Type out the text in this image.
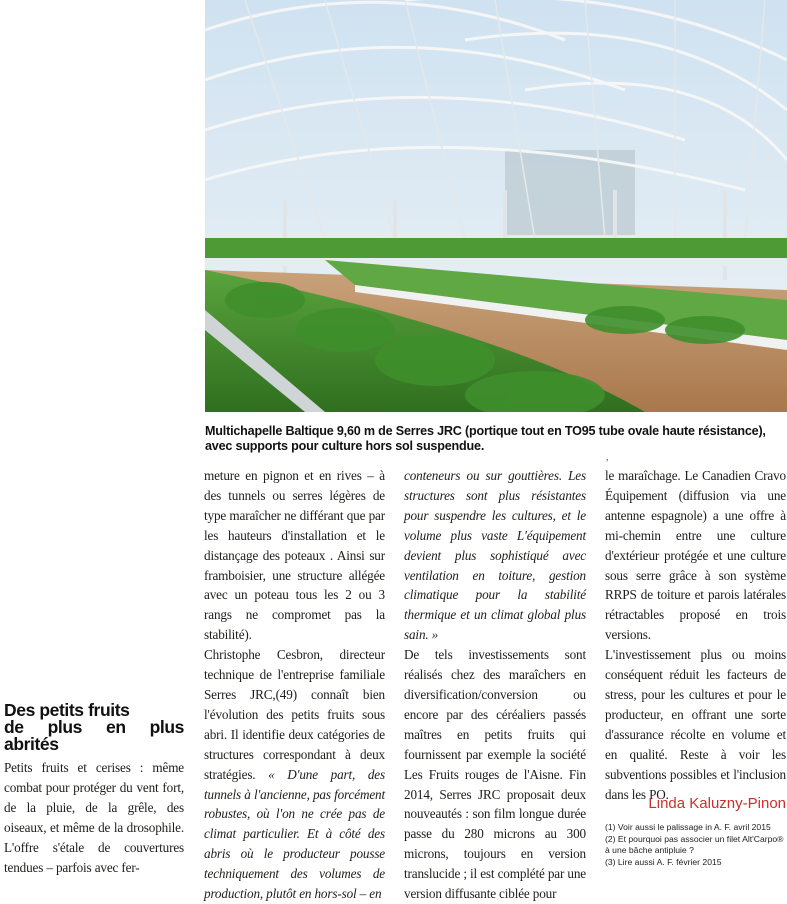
Multichapelle Baltique 9,60 m de Serres JRC (portique tout en TO95 tube ovale haute résistance),
avec supports pour culture hors sol suspendue.
Des petits fruits
de plus en plus abrités

Petits fruits et cerises : même combat pour protéger du vent fort, de la pluie, de la grêle, des oiseaux, et même de la drosophile. L'offre s'étale de couvertures tendues – parfois avec fer-

meture en pignon et en rives – à des tunnels ou serres légères de type maraîcher ne différant que par les hauteurs d'installation et le distançage des poteaux . Ainsi sur framboisier, une structure allégée avec un poteau tous les 2 ou 3 rangs ne compromet pas la stabilité).

Christophe Cesbron, directeur technique de l'entreprise familiale Serres JRC,(49) connaît bien l'évolution des petits fruits sous abri. Il identifie deux catégories de structures correspondant à deux stratégies. « D'une part, des tunnels à l'ancienne, pas forcément robustes, où l'on ne crée pas de climat particulier. Et à côté des abris où le producteur pousse techniquement des volumes de production, plutôt en hors-sol – en

conteneurs ou sur gouttières. Les structures sont plus résistantes pour suspendre les cultures, et le volume plus vaste L'équipement devient plus sophistiqué avec ventilation en toiture, gestion climatique pour la stabilité thermique et un climat global plus sain. »

De tels investissements sont réalisés chez des maraîchers en diversification/conversion ou encore par des céréaliers passés maîtres en petits fruits qui fournissent par exemple la société Les Fruits rouges de l'Aisne. Fin 2014, Serres JRC proposait deux nouveautés : son film longue durée passe du 280 microns au 300 microns, toujours en version translucide ; il est complété par une version diffusante ciblée pour

,

le maraîchage. Le Canadien Cravo Équipement (diffusion via une antenne espagnole) a une offre à mi-chemin entre une culture d'extérieur protégée et une culture sous serre grâce à son système RRPS de toiture et parois latérales rétractables proposé en trois versions.

L'investissement plus ou moins conséquent réduit les facteurs de stress, pour les cultures et pour le producteur, en offrant une sorte d'assurance récolte en volume et en qualité. Reste à voir les subventions possibles et l'inclusion dans les PO.

Linda Kaluzny-Pinon
(1) Voir aussi le palissage in A. F. avril 2015
(2) Et pourquoi pas associer un filet Alt'Carpo® à une bâche antipluie ?
(3) Lire aussi A. F. février 2015
